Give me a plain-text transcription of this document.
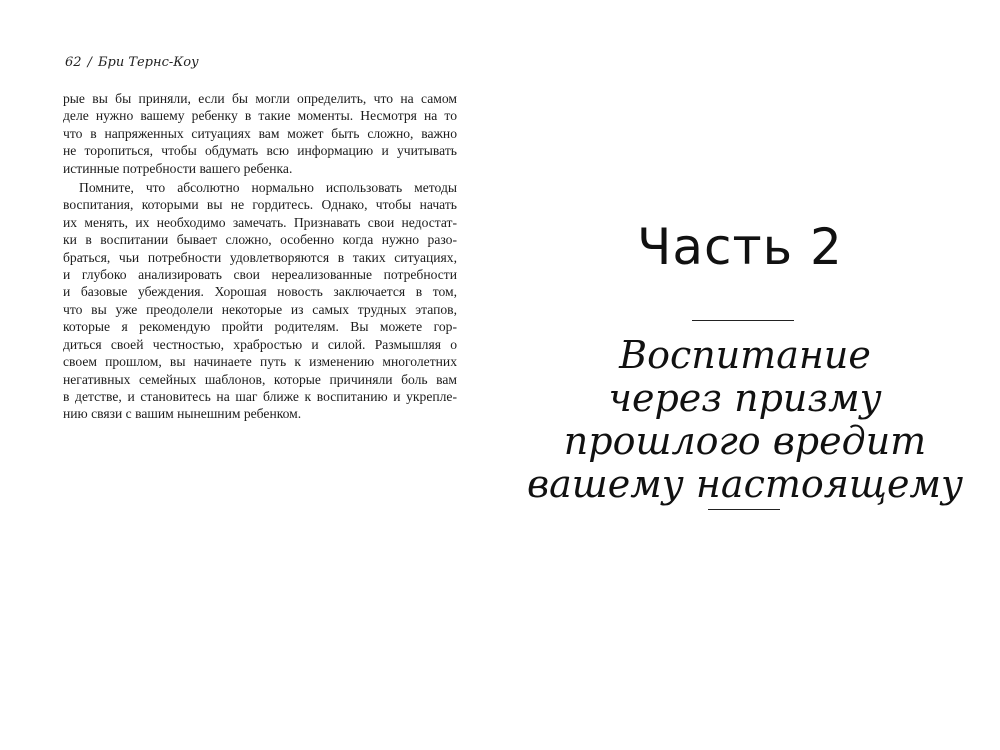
62 / Бри Тернс-Коу
рые вы бы приняли, если бы могли определить, что на самом
деле нужно вашему ребенку в такие моменты. Несмотря на то
что в напряженных ситуациях вам может быть сложно, важно
не торопиться, чтобы обдумать всю информацию и учитывать
истинные потребности вашего ребенка.
Помните, что абсолютно нормально использовать методы
воспитания, которыми вы не гордитесь. Однако, чтобы начать
их менять, их необходимо замечать. Признавать свои недостат-
ки в воспитании бывает сложно, особенно когда нужно разо-
браться, чьи потребности удовлетворяются в таких ситуациях,
и глубоко анализировать свои нереализованные потребности
и базовые убеждения. Хорошая новость заключается в том,
что вы уже преодолели некоторые из самых трудных этапов,
которые я рекомендую пройти родителям. Вы можете гор-
диться своей честностью, храбростью и силой. Размышляя о
своем прошлом, вы начинаете путь к изменению многолетних
негативных семейных шаблонов, которые причиняли боль вам
в детстве, и становитесь на шаг ближе к воспитанию и укрепле-
нию связи с вашим нынешним ребенком.
Часть 2
Воспитание
через призму
прошлого вредит
вашему настоящему
